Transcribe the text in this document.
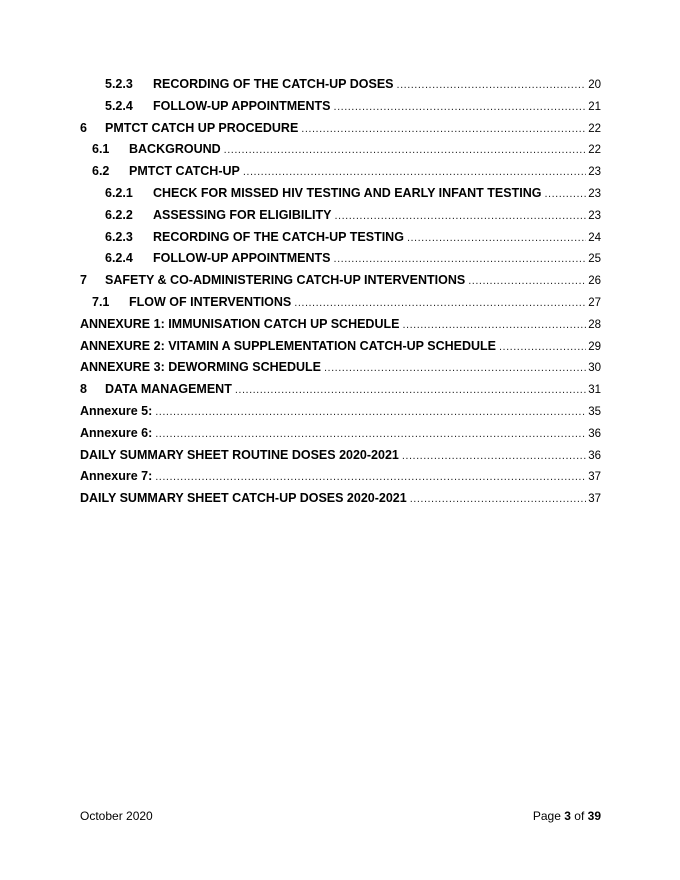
5.2.3	RECORDING OF THE CATCH-UP DOSES .....	20
5.2.4	FOLLOW-UP APPOINTMENTS .....	21
6	PMTCT CATCH UP PROCEDURE .....	22
6.1	BACKGROUND .....	22
6.2	PMTCT CATCH-UP .....	23
6.2.1	CHECK FOR MISSED HIV TESTING AND EARLY INFANT TESTING .....	23
6.2.2	ASSESSING FOR ELIGIBILITY .....	23
6.2.3	RECORDING OF THE CATCH-UP TESTING .....	24
6.2.4	FOLLOW-UP APPOINTMENTS .....	25
7	SAFETY & CO-ADMINISTERING CATCH-UP INTERVENTIONS .....	26
7.1	FLOW OF INTERVENTIONS .....	27
ANNEXURE 1: IMMUNISATION CATCH UP SCHEDULE .....	28
ANNEXURE 2: VITAMIN A SUPPLEMENTATION CATCH-UP SCHEDULE .....	29
ANNEXURE 3: DEWORMING SCHEDULE .....	30
8	DATA MANAGEMENT .....	31
Annexure 5: .....	35
Annexure 6: .....	36
DAILY SUMMARY SHEET ROUTINE DOSES 2020-2021 .....	36
Annexure 7: .....	37
DAILY SUMMARY SHEET CATCH-UP DOSES 2020-2021 .....	37
October 2020	Page 3 of 39
